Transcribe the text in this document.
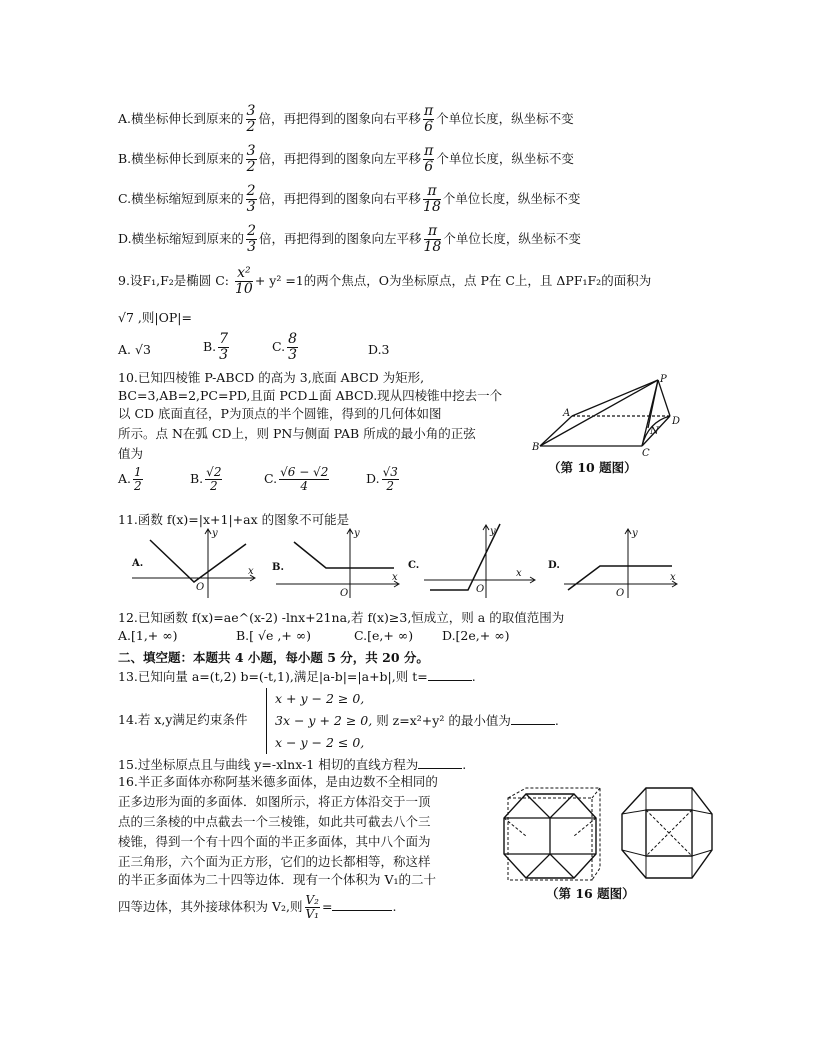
A.横坐标伸长到原来的 $\frac{3}{2}$ 倍，再把得到的图象向右平移 $\frac{\pi}{6}$ 个单位长度，纵坐标不变
B.横坐标伸长到原来的 $\frac{3}{2}$ 倍，再把得到的图象向左平移 $\frac{\pi}{6}$ 个单位长度，纵坐标不变
C.横坐标缩短到原来的 $\frac{2}{3}$ 倍，再把得到的图象向右平移 $\frac{\pi}{18}$ 个单位长度，纵坐标不变
D.横坐标缩短到原来的 $\frac{2}{3}$ 倍，再把得到的图象向左平移 $\frac{\pi}{18}$ 个单位长度，纵坐标不变
9.设F₁,F₂是椭圆 C: $\frac{\text{x²}}{10} + y^2 =1$的两个焦点，O为坐标原点，点 P在 C上，且 ΔPF₁F₂的面积为
√7 ,则|OP|=
A. √3	B. $\frac{7}{3}$	C. $\frac{8}{3}$	D.3
10.已知四棱锥 P-ABCD 的高为 3,底面 ABCD 为矩形,
BC=3,AB=2,PC=PD,且面 PCD⊥面 ABCD.现从四棱锥中挖去一个
以 CD 底面直径，P为顶点的半个圆锥，得到的几何体如图
所示。点 N在弧 CD上，则 PN与侧面 PAB 所成的最小角的正弦
值为
A. $\frac{1}{2}$	B. $\frac{√2}{2}$	C. $\frac{√6 - √2}{4}$	D. $\frac{√3}{2}$
P
A
B
N
C
D
（第 10 题图）
11.函数 f(x)=|x+1|+ax 的图象不可能是
A.
y
x
O
B.
y
x
O
C.
y
x
O
D.
y
x
O
12.已知函数 f(x)=ae^(x-2) -lnx+21na,若 f(x)≥3,恒成立，则 a 的取值范围为
A.[1,+ ∞)	B.[ √e ,+ ∞)	C.[e,+ ∞) D.[2e,+ ∞)
二、填空题：本题共 4 小题，每小题 5 分，共 20 分。
13.已知向量 a=(t,2) b=(-t,1),满足|a-b|=|a+b|,则 t=	.
14.若 x,y满足约束条件
x + y − 2 ≥ 0,
3x − y + 2 ≥ 0, 则 z=x²+y² 的最小值为	.
x − y − 2 ≤ 0,
15.过坐标原点且与曲线 y=-xlnx-1 相切的直线方程为	.
16.半正多面体亦称阿基米德多面体，是由边数不全相同的
正多边形为面的多面体．如图所示，将正方体沿交于一顶
点的三条棱的中点截去一个三棱锥，如此共可截去八个三
棱锥，得到一个有十四个面的半正多面体，其中八个面为
正三角形，六个面为正方形，它们的边长都相等，称这样
的半正多面体为二十四等边体．现有一个体积为 V₁的二十
四等边体，其外接球体积为 V₂,则 $\frac{\text{V₂}}{\text{V₁}}$ =	.
（第 16 题图）
